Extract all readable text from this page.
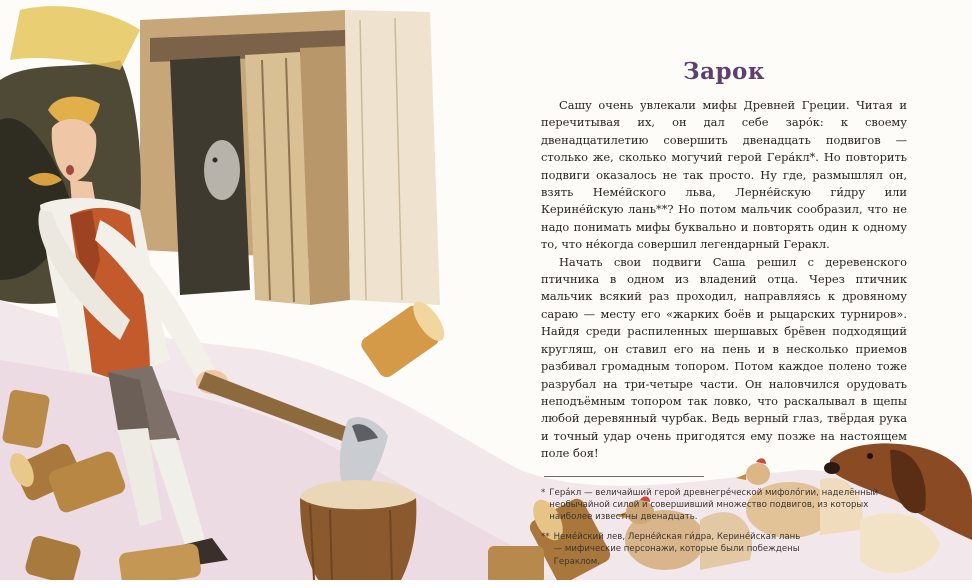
Зарок

Сашу очень увлекали мифы Древней Греции. Читая и перечитывая их, он дал себе заро́к: к своему двенадцатилетию совершить двенадцать подвигов — столько же, сколько могучий герой Гера́кл*. Но повторить подвиги оказалось не так просто. Ну где, размышлял он, взять Неме́йского льва, Лерне́йскую ги́дру или Керине́йскую лань**? Но потом мальчик сообразил, что не надо понимать мифы буквально и повторять один к одному то, что не́когда совершил легендарный Геракл.

Начать свои подвиги Саша решил с деревенского птичника в одном из владений отца. Через птичник мальчик всякий раз проходил, направляясь к дровяному сараю — месту его «жарких боёв и рыцарских турниров». Найдя среди распиленных шершавых брёвен подходящий кругляш, он ставил его на пень и в несколько приемов разбивал громадным топором. Потом каждое полено тоже разрубал на три-четыре части. Он наловчился орудовать неподъёмным топором так ловко, что раскалывал в щепы любой деревянный чурбак. Ведь верный глаз, твёрдая рука и точный удар очень пригодятся ему позже на настоящем поле боя!

* Гера́кл — величайший герой древнегре́ческой мифоло́гии, наделённый необычайной силой и совершивший множество подвигов, из которых наиболее известны двенадцать.
** Неме́йский лев, Лерне́йская ги́дра, Керине́йская лань — мифические персонажи, которые были побеждены Гераклом.
